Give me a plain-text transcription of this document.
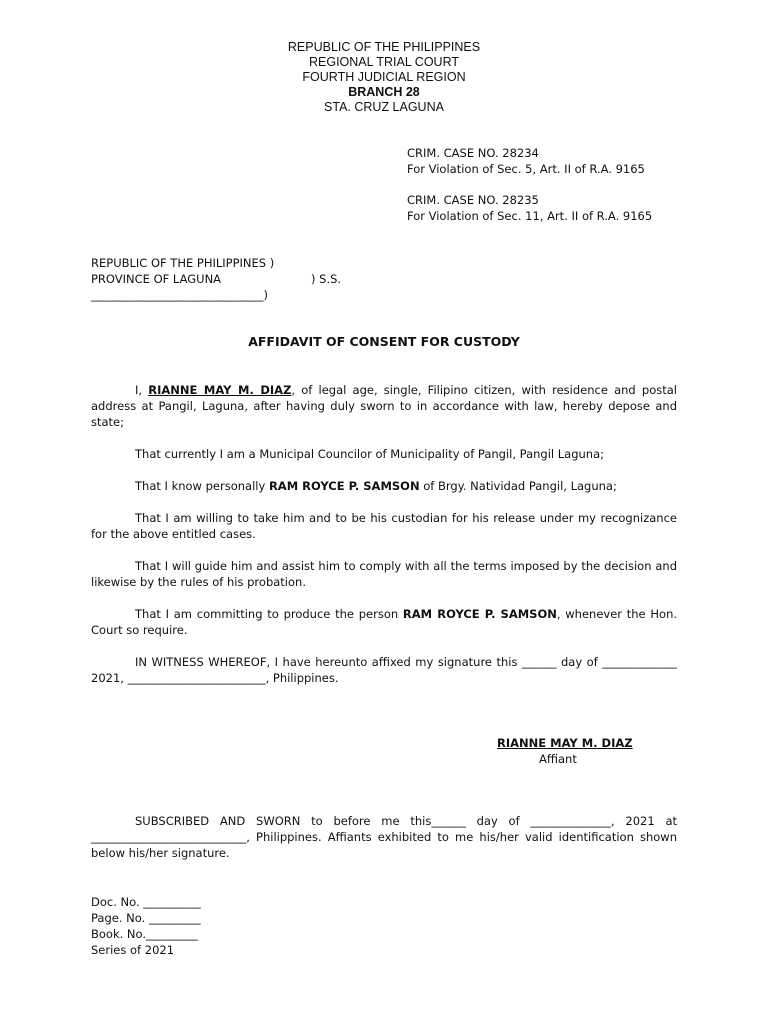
REPUBLIC OF THE PHILIPPINES
REGIONAL TRIAL COURT
FOURTH JUDICIAL REGION
BRANCH 28
STA. CRUZ LAGUNA
CRIM. CASE NO. 28234
For Violation of Sec. 5, Art. II of R.A. 9165
CRIM. CASE NO. 28235
For Violation of Sec. 11, Art. II of R.A. 9165
REPUBLIC OF THE PHILIPPINES )
PROVINCE OF LAGUNA	) S.S.
______________________________)
AFFIDAVIT OF CONSENT FOR CUSTODY

I, RIANNE MAY M. DIAZ, of legal age, single, Filipino citizen, with residence and postal address at Pangil, Laguna, after having duly sworn to in accordance with law, hereby depose and state;

That currently I am a Municipal Councilor of Municipality of Pangil, Pangil Laguna;

That I know personally RAM ROYCE P. SAMSON of Brgy. Natividad Pangil, Laguna;

That I am willing to take him and to be his custodian for his release under my recognizance for the above entitled cases.

That I will guide him and assist him to comply with all the terms imposed by the decision and likewise by the rules of his probation.

That I am committing to produce the person RAM ROYCE P. SAMSON, whenever the Hon. Court so require.

IN WITNESS WHEREOF, I have hereunto affixed my signature this ______ day of _____________ 2021, ________________________, Philippines.

RIANNE MAY M. DIAZ
Affiant

SUBSCRIBED AND SWORN to before me this______ day of ______________, 2021 at ___________________________, Philippines. Affiants exhibited to me his/her valid identification shown below his/her signature.

Doc. No. __________
Page. No. _________
Book. No._________
Series of 2021
